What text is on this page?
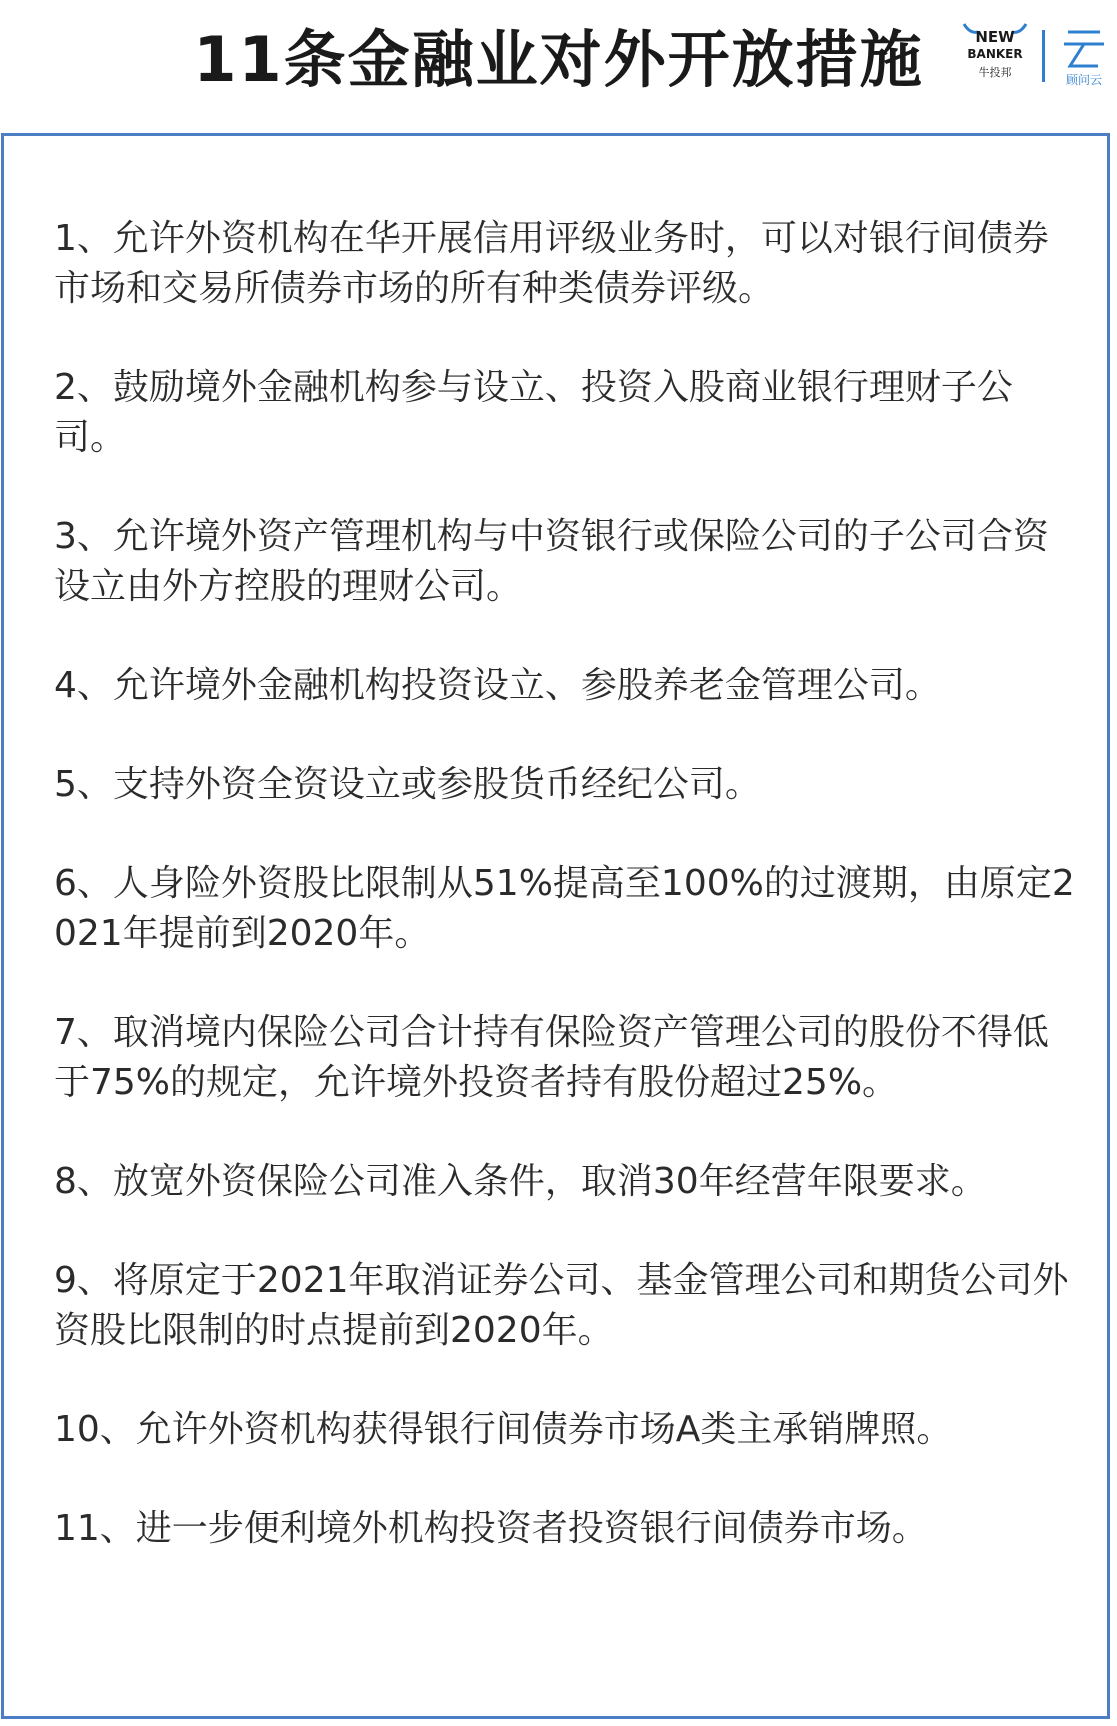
11条金融业对外开放措施	NEW
BANKER
牛投邦
顾问云
1、允许外资机构在华开展信用评级业务时，可以对银行间债券市场和交易所债券市场的所有种类债券评级。
2、鼓励境外金融机构参与设立、投资入股商业银行理财子公司。
3、允许境外资产管理机构与中资银行或保险公司的子公司合资设立由外方控股的理财公司。
4、允许境外金融机构投资设立、参股养老金管理公司。
5、支持外资全资设立或参股货币经纪公司。
6、人身险外资股比限制从51%提高至100%的过渡期，由原定2021年提前到2020年。
7、取消境内保险公司合计持有保险资产管理公司的股份不得低于75%的规定，允许境外投资者持有股份超过25%。
8、放宽外资保险公司准入条件，取消30年经营年限要求。
9、将原定于2021年取消证券公司、基金管理公司和期货公司外资股比限制的时点提前到2020年。
10、允许外资机构获得银行间债券市场A类主承销牌照。
11、进一步便利境外机构投资者投资银行间债券市场。
